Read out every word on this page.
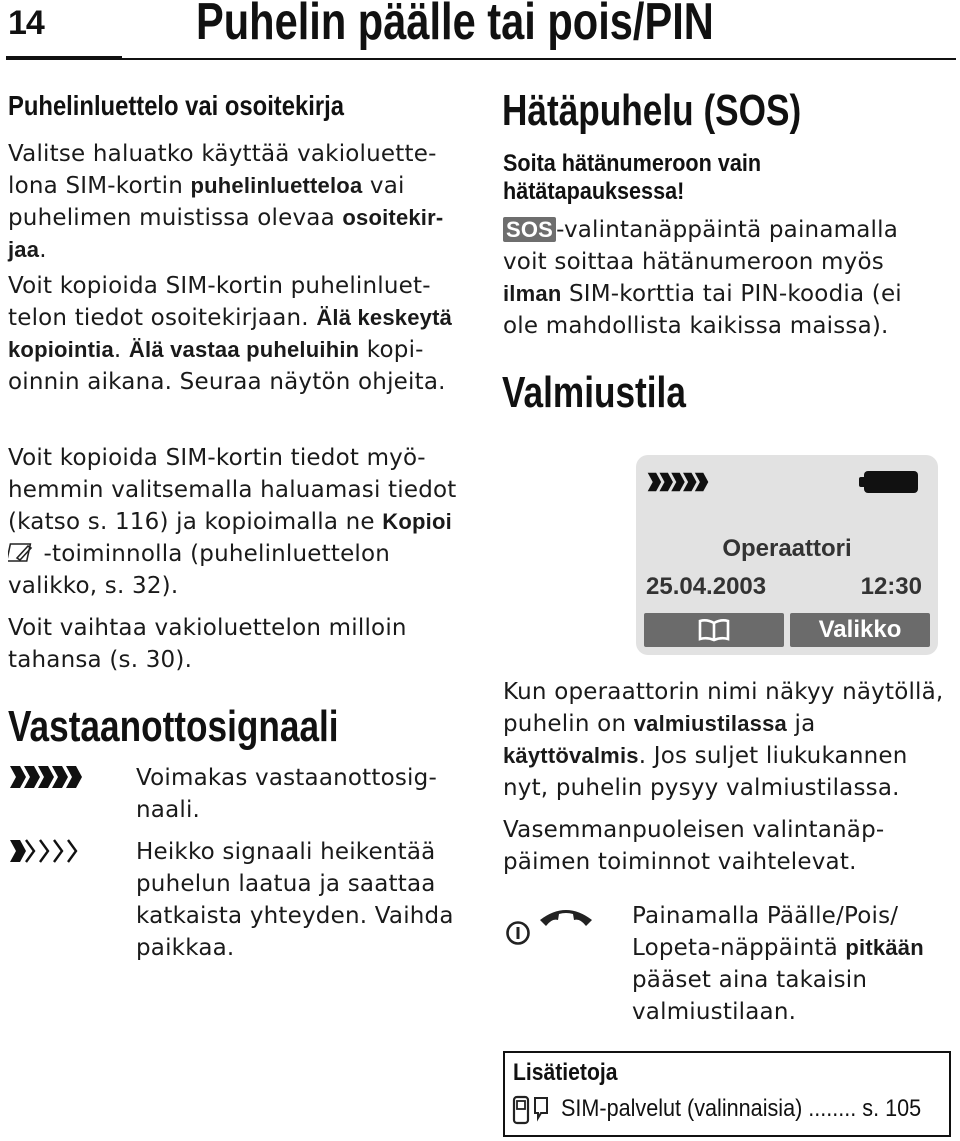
14	Puhelin päälle tai pois/PIN
Puhelinluettelo vai osoitekirja
Valitse haluatko käyttää vakioluettelona SIM-kortin puhelinluetteloa vai puhelimen muistissa olevaa osoitekirjaa.
Voit kopioida SIM-kortin puhelinluettelon tiedot osoitekirjaan. Älä keskeytä kopiointia. Älä vastaa puheluihin kopioinnin aikana. Seuraa näytön ohjeita.
Voit kopioida SIM-kortin tiedot myöhemmin valitsemalla haluamasi tiedot (katso s. 116) ja kopioimalla ne Kopioi  -toiminnolla (puhelinluettelon valikko, s. 32).
Voit vaihtaa vakioluettelon milloin tahansa (s. 30).
Vastaanottosignaali
Voimakas vastaanottosignaali.
Heikko signaali heikentää puhelun laatua ja saattaa katkaista yhteyden. Vaihda paikkaa.
Hätäpuhelu (SOS)
Soita hätänumeroon vain hätätapauksessa!
SOS -valintanäppäintä painamalla voit soittaa hätänumeroon myös ilman SIM-korttia tai PIN-koodia (ei ole mahdollista kaikissa maissa).
Valmiustila
Operaattori
25.04.2003	12:30
Valikko
Kun operaattorin nimi näkyy näytöllä, puhelin on valmiustilassa ja käyttövalmis. Jos suljet liukukannen nyt, puhelin pysyy valmiustilassa.
Vasemmanpuoleisen valintanäppäimen toiminnot vaihtelevat.
Painamalla Päälle/Pois/ Lopeta-näppäintä pitkään pääset aina takaisin valmiustilaan.
Lisätietoja
SIM-palvelut (valinnaisia) ........ s. 105
